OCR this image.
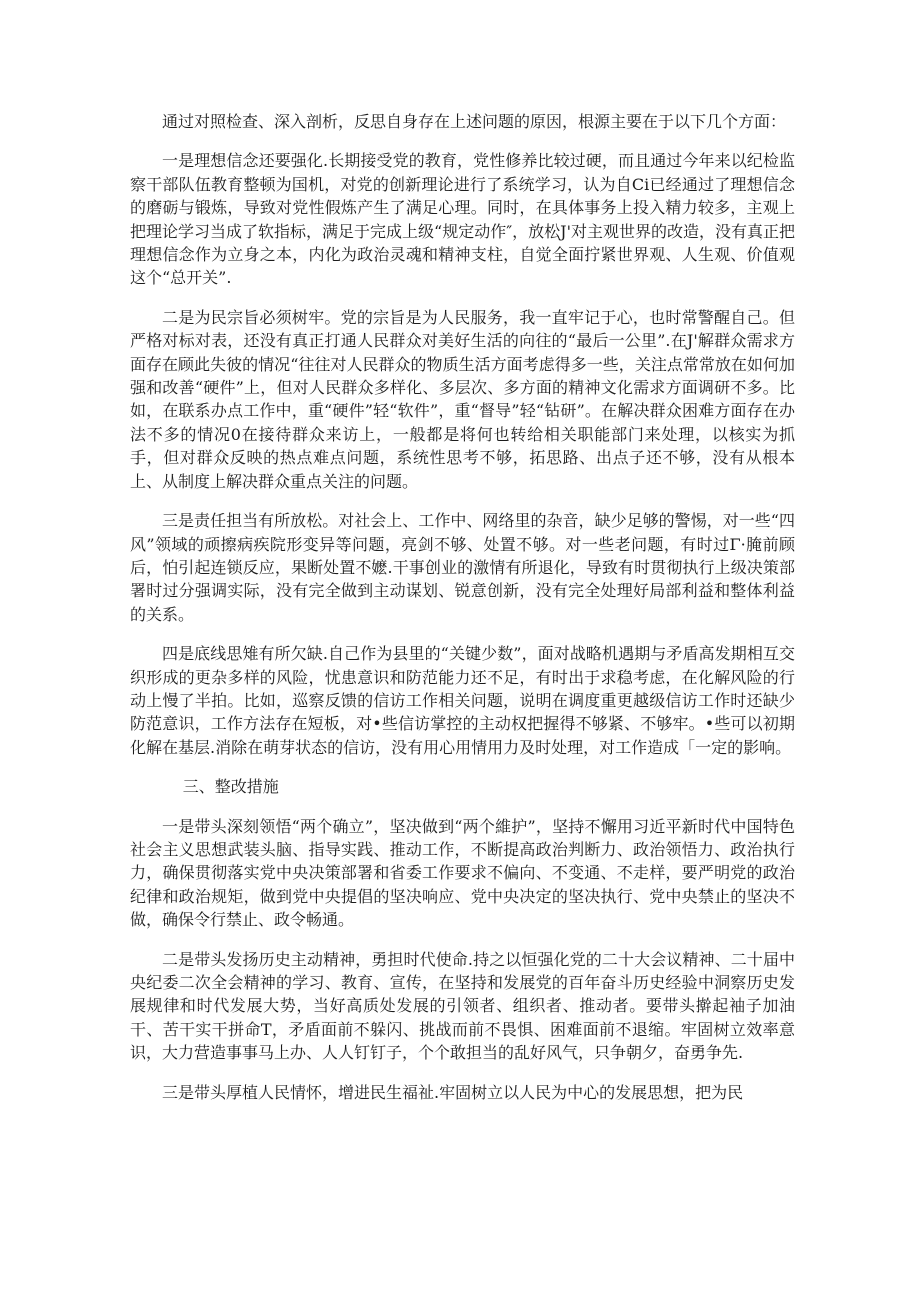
通过对照检查、深入剖析，反思自身存在上述问题的原因，根源主要在于以下几个方面：

一是理想信念还要强化.长期接受党的教育，党性修养比较过硬，而且通过今年来以纪检监察干部队伍教育整顿为国机，对党的创新理论进行了系统学习，认为自Ci已经通过了理想信念的磨砺与锻炼，导致对党性假炼产生了满足心理。同时，在具体事务上投入精力较多，主观上把理论学习当成了软指标，满足于完成上级“规定动作″，放松J'对主观世界的改造，没有真正把理想信念作为立身之本，内化为政治灵魂和精神支柱，自觉全面拧紧世界观、人生观、价值观这个“总开关”.

二是为民宗旨必须树牢。党的宗旨是为人民服务，我一直牢记于心，也时常警醒自己。但严格对标对表，还没有真正打通人民群众对美好生活的向往的“最后一公里”.在J'解群众需求方面存在顾此失彼的情况“往往对人民群众的物质生活方面考虑得多一些，关注点常常放在如何加强和改善“硬件”上，但对人民群众多样化、多层次、多方面的精神文化需求方面调研不多。比如，在联系办点工作中，重“硬件”轻“软件”，重“督导”轻“钻研”。在解决群众困难方面存在办法不多的情况0在接待群众来访上，一般都是将何也转给相关职能部门来处理，以核实为抓手，但对群众反映的热点难点问题，系统性思考不够，拓思路、出点子还不够，没有从根本上、从制度上解决群众重点关注的问题。

三是责任担当有所放松。对社会上、工作中、网络里的杂音，缺少足够的警惕，对一些“四风”领域的顽擦病疾院形变异等问题，亮剑不够、处置不够。对一些老问题，有时过Γ·腌前顾后，怕引起连锁反应，果断处置不嬷.干事创业的激情有所退化，导致有时贯彻执行上级决策部署时过分强调实际，没有完全做到主动谋划、锐意创新，没有完全处理好局部利益和整体利益的关系。

四是底线思雉有所欠缺.自己作为县里的“关键少数”，面对战略机遇期与矛盾高发期相互交织形成的更杂多样的风险，忧患意识和防范能力还不足，有时出于求稳考虑，在化解风险的行动上慢了半拍。比如，巡察反馈的信访工作相关问题，说明在调度重更越级信访工作时还缺少防范意识，工作方法存在短板，对•些信访掌控的主动权把握得不够紧、不够牢。•些可以初期化解在基层.消除在萌芽状态的信访，没有用心用情用力及时处理，对工作造成「一定的影响。

三、整改措施

一是带头深刻领悟“两个确立”，坚决做到“两个維护”，坚持不懈用习近平新时代中国特色社会主义思想武装头脑、指导实践、推动工作，不断提高政治判断力、政治领悟力、政治执行力，确保贯彻落实党中央决策部署和省委工作要求不偏向、不变通、不走样，要严明党的政治纪律和政治规矩，做到党中央提倡的坚决响应、党中央决定的坚决执行、党中央禁止的坚决不做，确保令行禁止、政令畅通。

二是带头发扬历史主动精神，勇担时代使命.持之以恒强化党的二十大会议精神、二十届中央纪委二次全会精神的学习、教育、宣传，在坚持和发展党的百年奋斗历史经验中洞察历史发展规律和时代发展大势，当好高质处发展的引领者、组织者、推动者。要带头擀起袖子加油干、苦干实干拼命T，矛盾面前不躲闪、挑战而前不畏惧、困难面前不退缩。牢固树立效率意识，大力营造事事马上办、人人钉钉子，个个敢担当的乱好风气，只争朝夕，奋勇争先.

三是带头厚植人民情怀，增进民生福祉.牢固树立以人民为中心的发展思想，把为民
